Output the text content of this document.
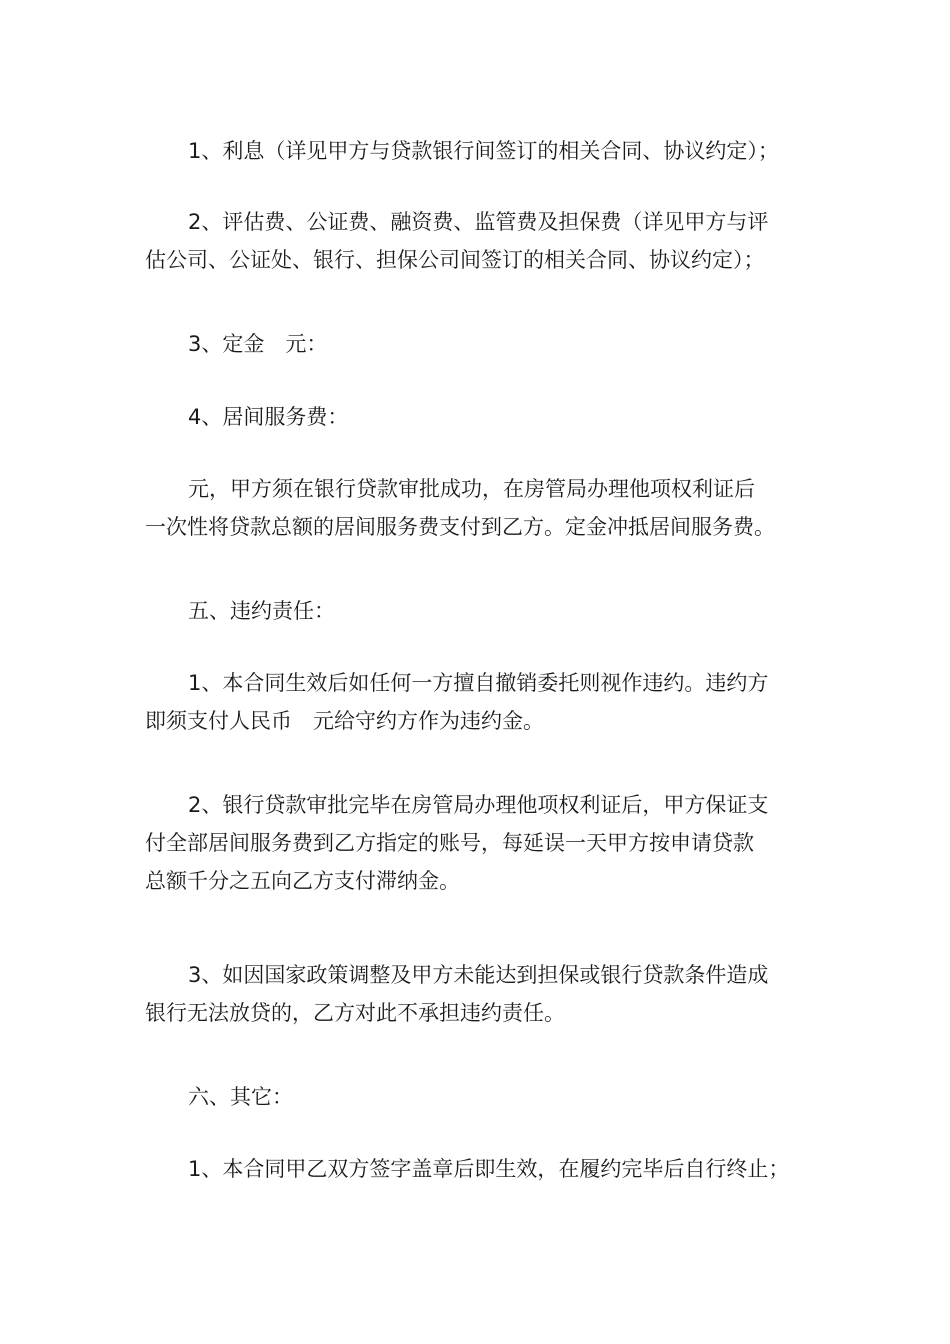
1、利息（详见甲方与贷款银行间签订的相关合同、协议约定）；
2、评估费、公证费、融资费、监管费及担保费（详见甲方与评
估公司、公证处、银行、担保公司间签订的相关合同、协议约定）；
3、定金　元：
4、居间服务费：
元，甲方须在银行贷款审批成功，在房管局办理他项权利证后
一次性将贷款总额的居间服务费支付到乙方。定金冲抵居间服务费。
五、违约责任：
1、本合同生效后如任何一方擅自撤销委托则视作违约。违约方
即须支付人民币　元给守约方作为违约金。
2、银行贷款审批完毕在房管局办理他项权利证后，甲方保证支
付全部居间服务费到乙方指定的账号，每延误一天甲方按申请贷款
总额千分之五向乙方支付滞纳金。
3、如因国家政策调整及甲方未能达到担保或银行贷款条件造成
银行无法放贷的，乙方对此不承担违约责任。
六、其它：
1、本合同甲乙双方签字盖章后即生效，在履约完毕后自行终止；
